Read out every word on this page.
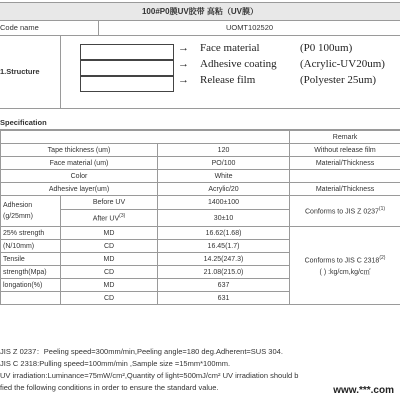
100#P0膜UV胶带 高粘（UV膜）
Code name	UOMT102520
1.Structure
→ Face material	(P0 100um)
→ Adhesive coating (Acrylic-UV20um)
→ Release film	(Polyester 25um)
Specification
			Remark
Tape thickness (um)		120	Without release film
Face material (um)		PO/100	Material/Thickness
Color		White	
Adhesive layer(um)		Acrylic/20	Material/Thickness

Adhesion
(g/25mm)	Before UV	1400±100	Conforms to JIS Z 0237$^{(1)}$
	After UV$^{(3)}$	30±10	
25% strength	MD	16.62(1.68)	Conforms to JIS C 2318$^{(2)}$
( ) :kg/cm,kg/c㎡

(N/10mm)	CD	16.45(1.7)	
Tensile	MD	14.25(247.3)	
strength(Mpa)	CD	21.08(215.0)	
longation(%)	MD	637	
	CD	631	
JIS Z 0237：Peeling speed=300mm/min,Peeling angle=180 deg.Adherent=SUS 304.
JIS C 2318:Pulling speed=100mm/min ,Sample size =15mm*100mm.
UV irradiation:Luminance=75mW/cm²,Quantity of light=500mJ/cm² UV irradiation should b
fied the following conditions in order to ensure the standard value.	www.***.com
